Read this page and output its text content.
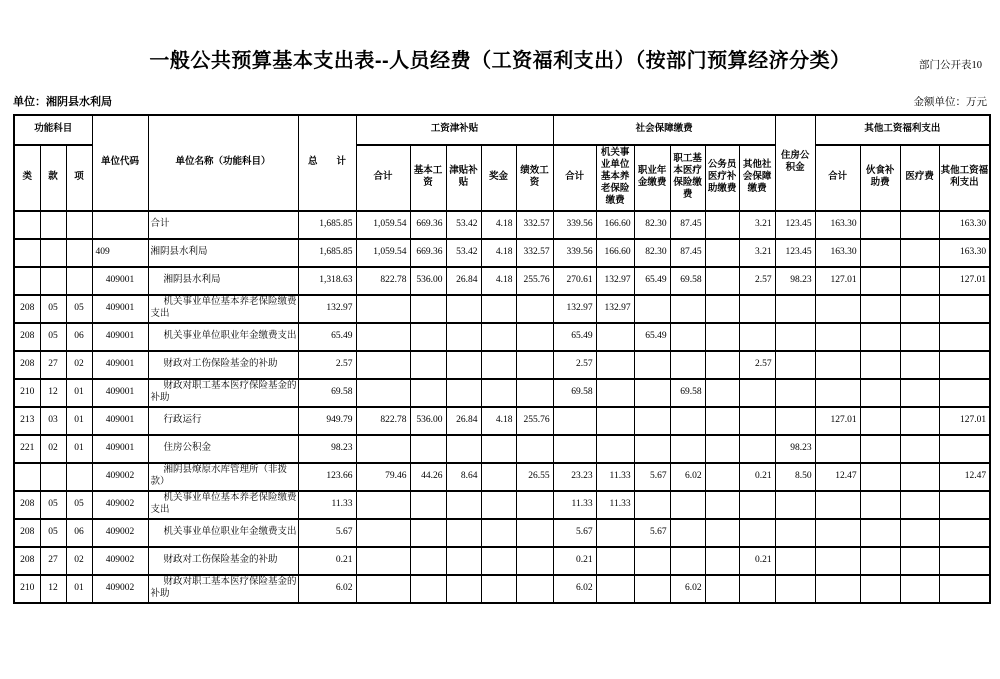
部门公开表10
一般公共预算基本支出表--人员经费（工资福利支出）（按部门预算经济分类）
单位：湘阴县水利局	金额单位：万元
功能科目			单位代码	单位名称（功能科目）	总　　计	工资津补贴					社会保障缴费						住房公积金	其他工资福利支出			
类	款	项				合计	基本工资	津贴补贴	奖金	绩效工资	合计	机关事业单位基本养老保险缴费	职业年金缴费	职工基本医疗保险缴费	公务员医疗补助缴费	其他社会保障缴费		合计	伙食补助费	医疗费	其他工资福利支出
				合计	1,685.85	1,059.54	669.36	53.42	4.18	332.57	339.56	166.60	82.30	87.45		3.21	123.45	163.30			163.30
			409	湘阴县水利局	1,685.85	1,059.54	669.36	53.42	4.18	332.57	339.56	166.60	82.30	87.45		3.21	123.45	163.30			163.30
			409001	湘阴县水利局	1,318.63	822.78	536.00	26.84	4.18	255.76	270.61	132.97	65.49	69.58		2.57	98.23	127.01			127.01
208	05	05	409001	机关事业单位基本养老保险缴费支出	132.97						132.97	132.97									
208	05	06	409001	机关事业单位职业年金缴费支出	65.49						65.49		65.49								
208	27	02	409001	财政对工伤保险基金的补助	2.57						2.57					2.57					
210	12	01	409001	财政对职工基本医疗保险基金的补助	69.58						69.58			69.58							
213	03	01	409001	行政运行	949.79	822.78	536.00	26.84	4.18	255.76								127.01			127.01
221	02	01	409001	住房公积金	98.23												98.23				
			409002	湘阴县燎原水库管理所（非拨款）	123.66	79.46	44.26	8.64		26.55	23.23	11.33	5.67	6.02		0.21	8.50	12.47			12.47
208	05	05	409002	机关事业单位基本养老保险缴费支出	11.33						11.33	11.33									
208	05	06	409002	机关事业单位职业年金缴费支出	5.67						5.67		5.67								
208	27	02	409002	财政对工伤保险基金的补助	0.21						0.21					0.21					
210	12	01	409002	财政对职工基本医疗保险基金的补助	6.02						6.02			6.02							
